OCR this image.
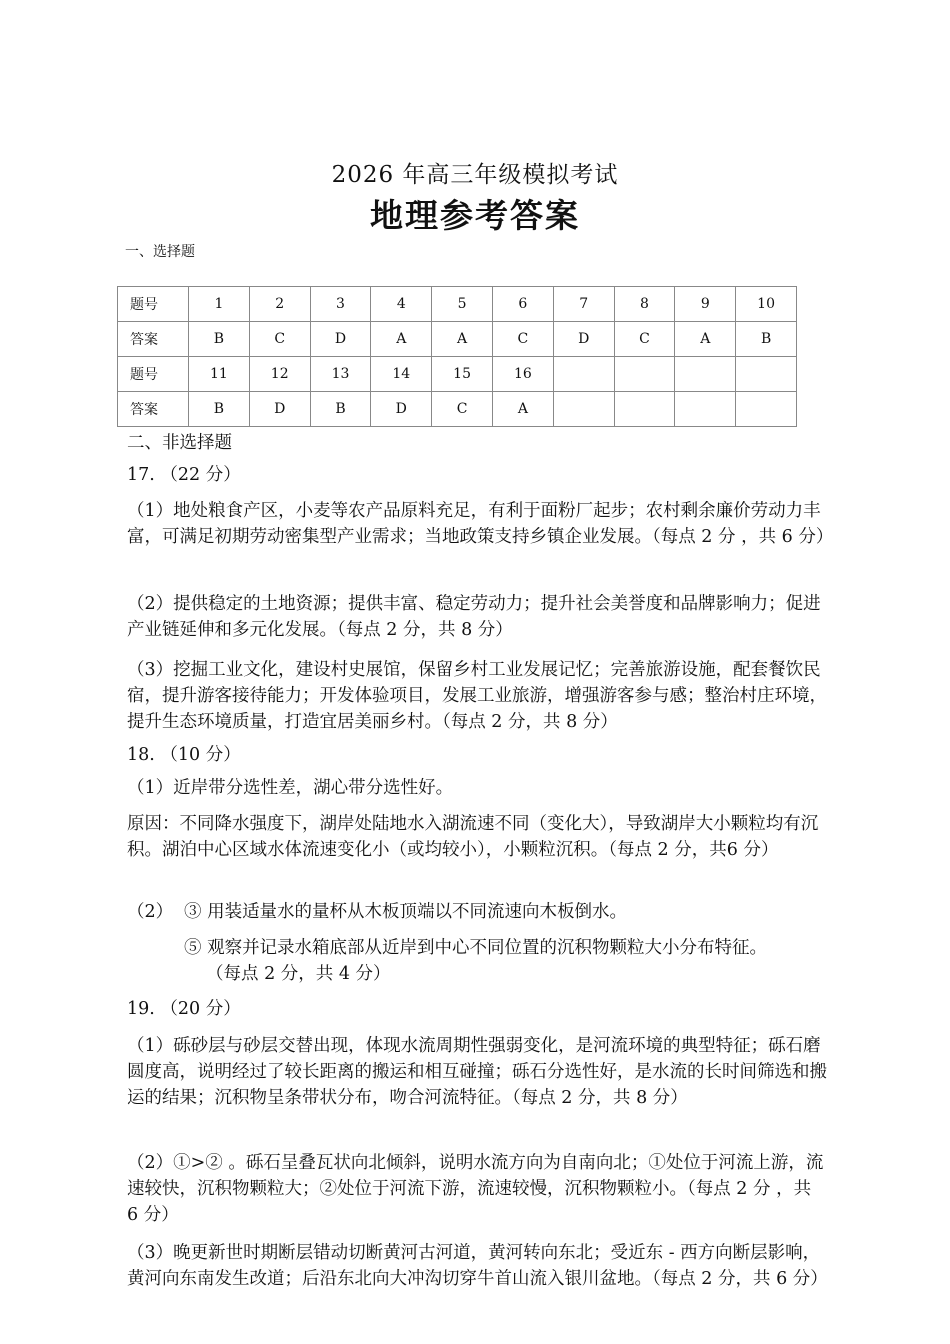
2026 年高三年级模拟考试
地理参考答案
一、选择题
题号	1	2	3	4	5	6	7	8	9	10
答案	B	C	D	A	A	C	D	C	A	B
题号	11	12	13	14	15	16				
答案	B	D	B	D	C	A				
二、非选择题
17. （22 分）

（1）地处粮食产区，小麦等农产品原料充足，有利于面粉厂起步；农村剩余廉价劳动力丰富，可满足初期劳动密集型产业需求；当地政策支持乡镇企业发展。（每点 2 分 ，共 6 分）

（2）提供稳定的土地资源；提供丰富、稳定劳动力；提升社会美誉度和品牌影响力；促进产业链延伸和多元化发展。（每点 2 分，共 8 分）

（3）挖掘工业文化，建设村史展馆，保留乡村工业发展记忆；完善旅游设施，配套餐饮民宿，提升游客接待能力；开发体验项目，发展工业旅游，增强游客参与感；整治村庄环境，提升生态环境质量，打造宜居美丽乡村。（每点 2 分，共 8 分）

18. （10 分）

（1）近岸带分选性差，湖心带分选性好。

原因：不同降水强度下，湖岸处陆地水入湖流速不同（变化大），导致湖岸大小颗粒均有沉积。湖泊中心区域水体流速变化小（或均较小），小颗粒沉积。（每点 2 分，共6 分）

（2） ③ 用装适量水的量杯从木板顶端以不同流速向木板倒水。
⑤ 观察并记录水箱底部从近岸到中心不同位置的沉积物颗粒大小分布特征。
（每点 2 分，共 4 分）
19. （20 分）

（1）砾砂层与砂层交替出现，体现水流周期性强弱变化，是河流环境的典型特征；砾石磨圆度高，说明经过了较长距离的搬运和相互碰撞；砾石分选性好，是水流的长时间筛选和搬运的结果；沉积物呈条带状分布，吻合河流特征。（每点 2 分，共 8 分）

（2）①>② 。砾石呈叠瓦状向北倾斜，说明水流方向为自南向北；①处位于河流上游，流速较快，沉积物颗粒大；②处位于河流下游，流速较慢，沉积物颗粒小。（每点 2 分 ，共 6 分）

（3）晚更新世时期断层错动切断黄河古河道，黄河转向东北；受近东 - 西方向断层影响，黄河向东南发生改道；后沿东北向大冲沟切穿牛首山流入银川盆地。（每点 2 分，共 6 分）
